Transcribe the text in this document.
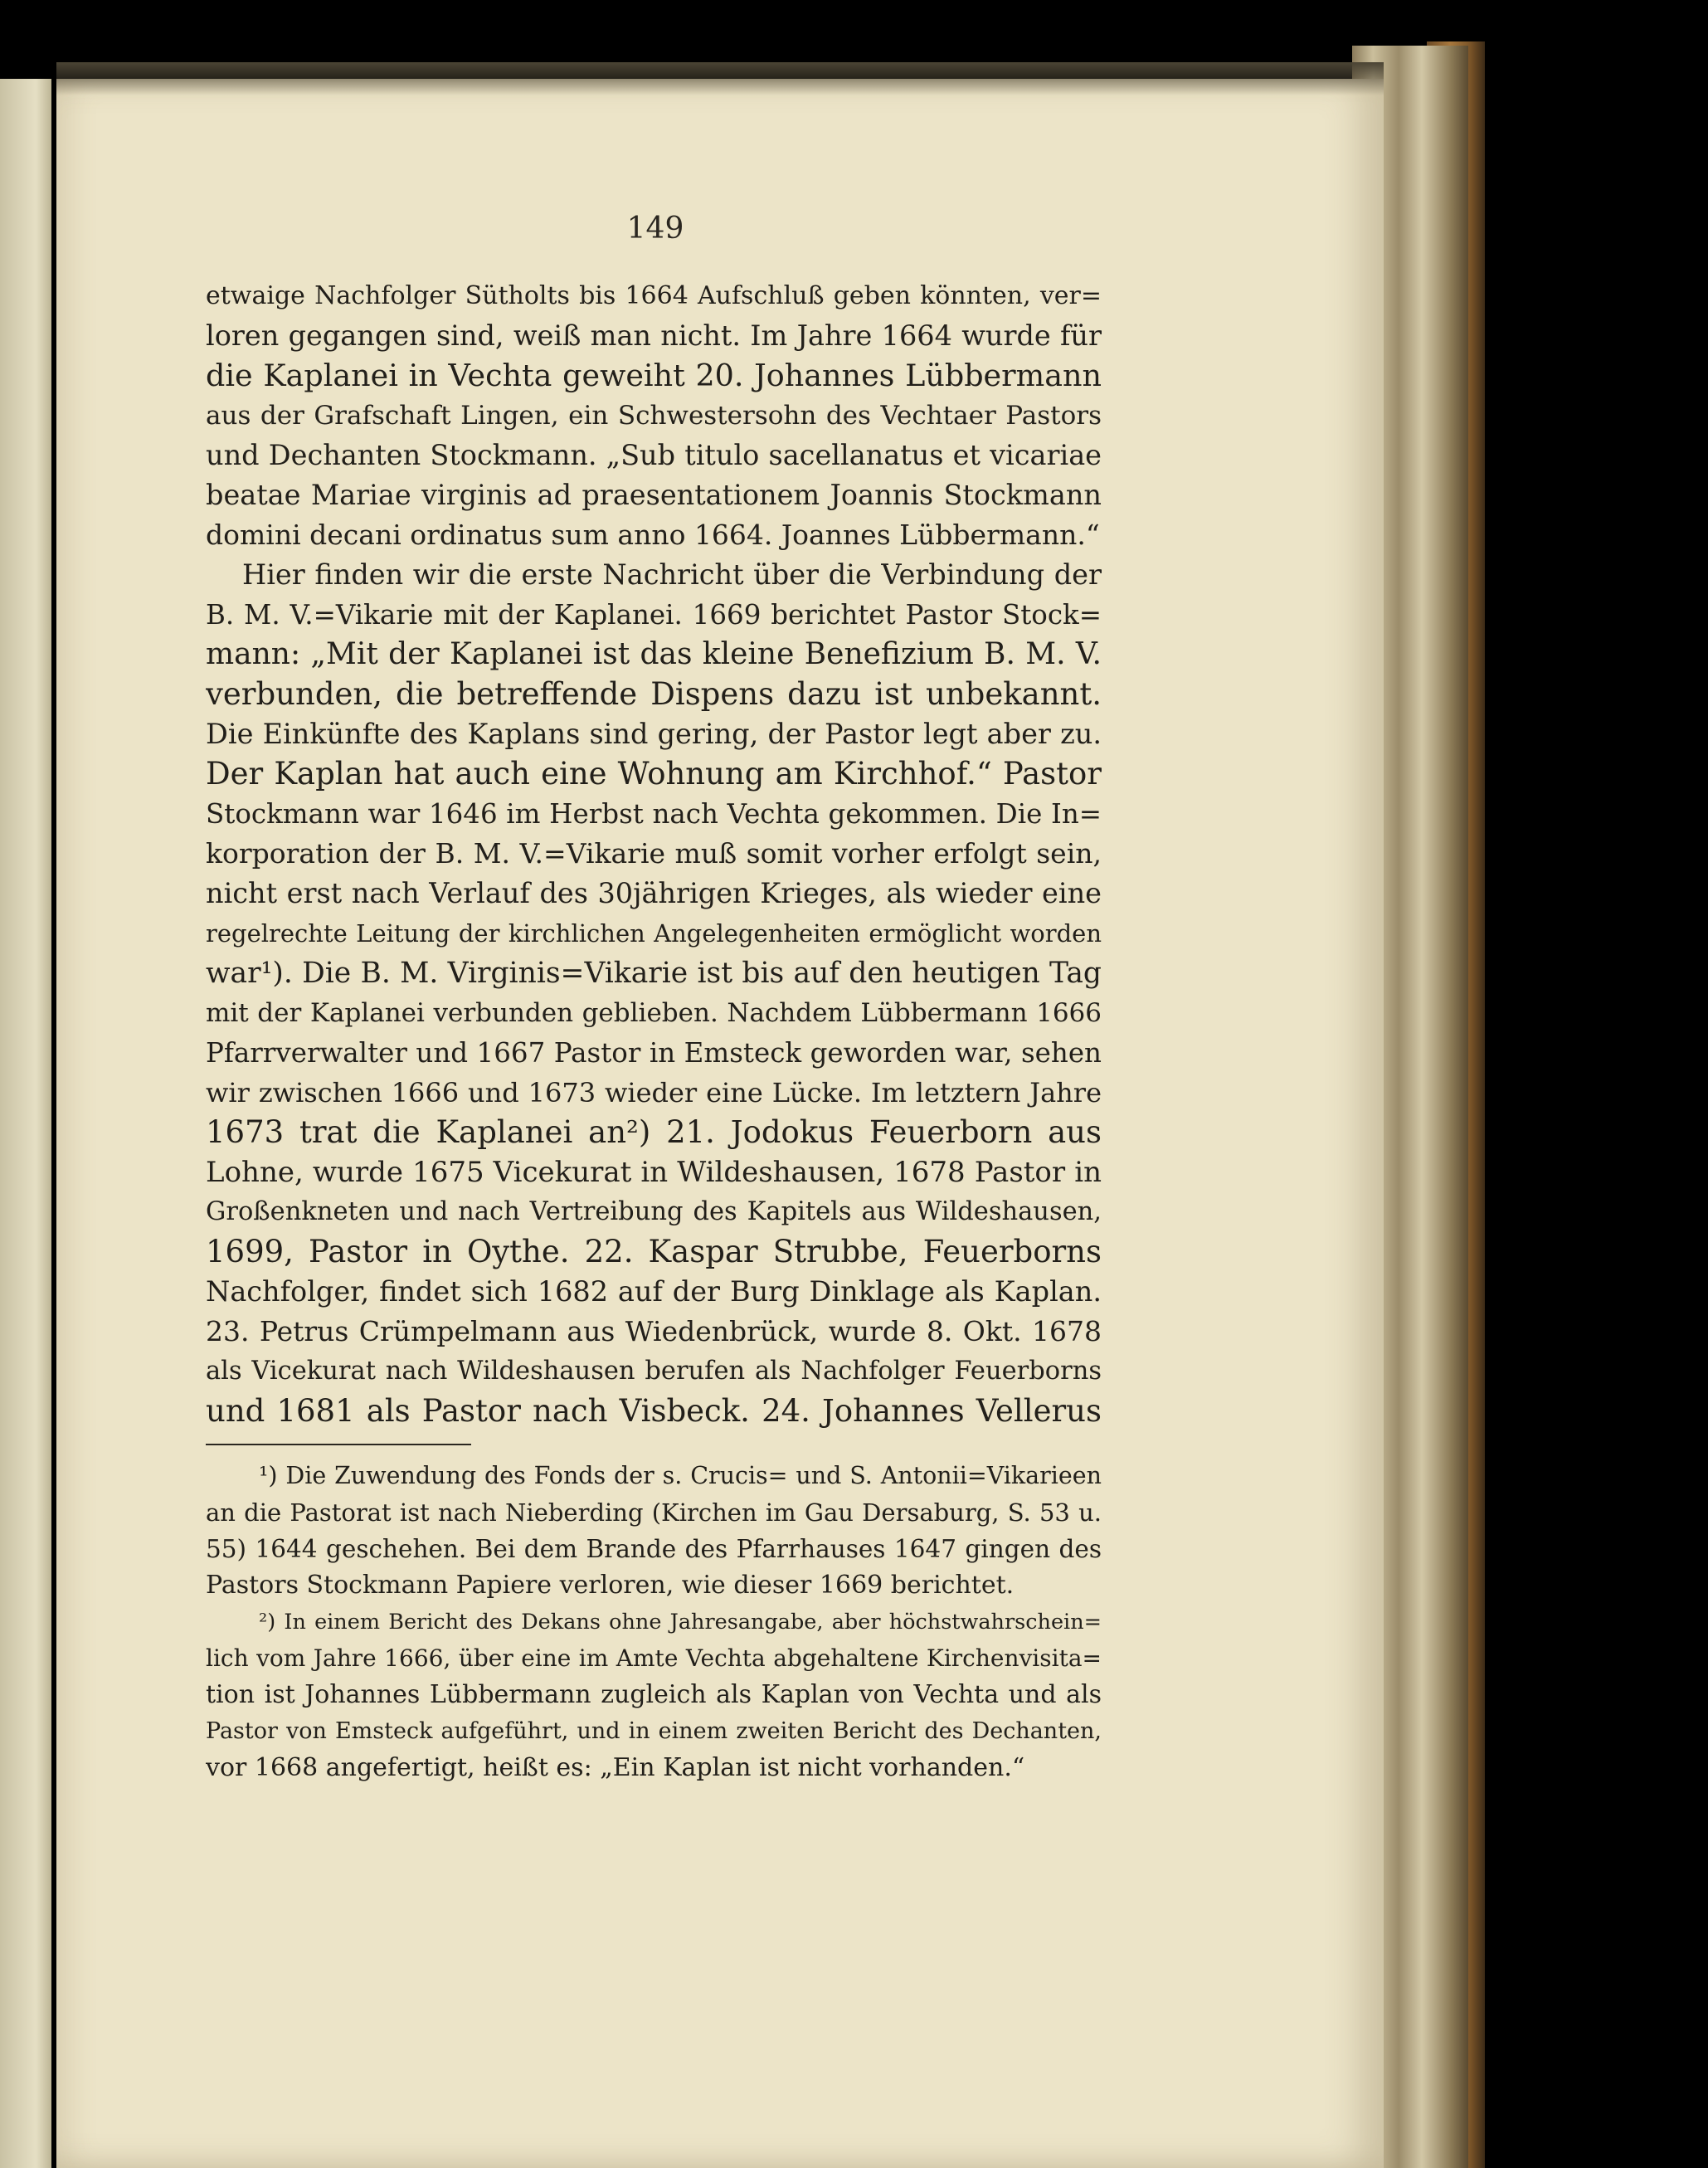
149
etwaige Nachfolger Sütholts bis 1664 Aufschluß geben könnten, ver=
loren gegangen sind, weiß man nicht. Im Jahre 1664 wurde für
die Kaplanei in Vechta geweiht 20. Johannes Lübbermann
aus der Grafschaft Lingen, ein Schwestersohn des Vechtaer Pastors
und Dechanten Stockmann. „Sub titulo sacellanatus et vicariae
beatae Mariae virginis ad praesentationem Joannis Stockmann
domini decani ordinatus sum anno 1664. Joannes Lübbermann.“
Hier finden wir die erste Nachricht über die Verbindung der
B. M. V.=Vikarie mit der Kaplanei. 1669 berichtet Pastor Stock=
mann: „Mit der Kaplanei ist das kleine Benefizium B. M. V.
verbunden, die betreffende Dispens dazu ist unbekannt.
Die Einkünfte des Kaplans sind gering, der Pastor legt aber zu.
Der Kaplan hat auch eine Wohnung am Kirchhof.“ Pastor
Stockmann war 1646 im Herbst nach Vechta gekommen. Die In=
korporation der B. M. V.=Vikarie muß somit vorher erfolgt sein,
nicht erst nach Verlauf des 30jährigen Krieges, als wieder eine
regelrechte Leitung der kirchlichen Angelegenheiten ermöglicht worden
war¹). Die B. M. Virginis=Vikarie ist bis auf den heutigen Tag
mit der Kaplanei verbunden geblieben. Nachdem Lübbermann 1666
Pfarrverwalter und 1667 Pastor in Emsteck geworden war, sehen
wir zwischen 1666 und 1673 wieder eine Lücke. Im letztern Jahre
1673 trat die Kaplanei an²) 21. Jodokus Feuerborn aus
Lohne, wurde 1675 Vicekurat in Wildeshausen, 1678 Pastor in
Großenkneten und nach Vertreibung des Kapitels aus Wildeshausen,
1699, Pastor in Oythe. 22. Kaspar Strubbe, Feuerborns
Nachfolger, findet sich 1682 auf der Burg Dinklage als Kaplan.
23. Petrus Crümpelmann aus Wiedenbrück, wurde 8. Okt. 1678
als Vicekurat nach Wildeshausen berufen als Nachfolger Feuerborns
und 1681 als Pastor nach Visbeck. 24. Johannes Vellerus
¹) Die Zuwendung des Fonds der s. Crucis= und S. Antonii=Vikarieen
an die Pastorat ist nach Nieberding (Kirchen im Gau Dersaburg, S. 53 u.
55) 1644 geschehen. Bei dem Brande des Pfarrhauses 1647 gingen des
Pastors Stockmann Papiere verloren, wie dieser 1669 berichtet.
²) In einem Bericht des Dekans ohne Jahresangabe, aber höchstwahrschein=
lich vom Jahre 1666, über eine im Amte Vechta abgehaltene Kirchenvisita=
tion ist Johannes Lübbermann zugleich als Kaplan von Vechta und als
Pastor von Emsteck aufgeführt, und in einem zweiten Bericht des Dechanten,
vor 1668 angefertigt, heißt es: „Ein Kaplan ist nicht vorhanden.“
